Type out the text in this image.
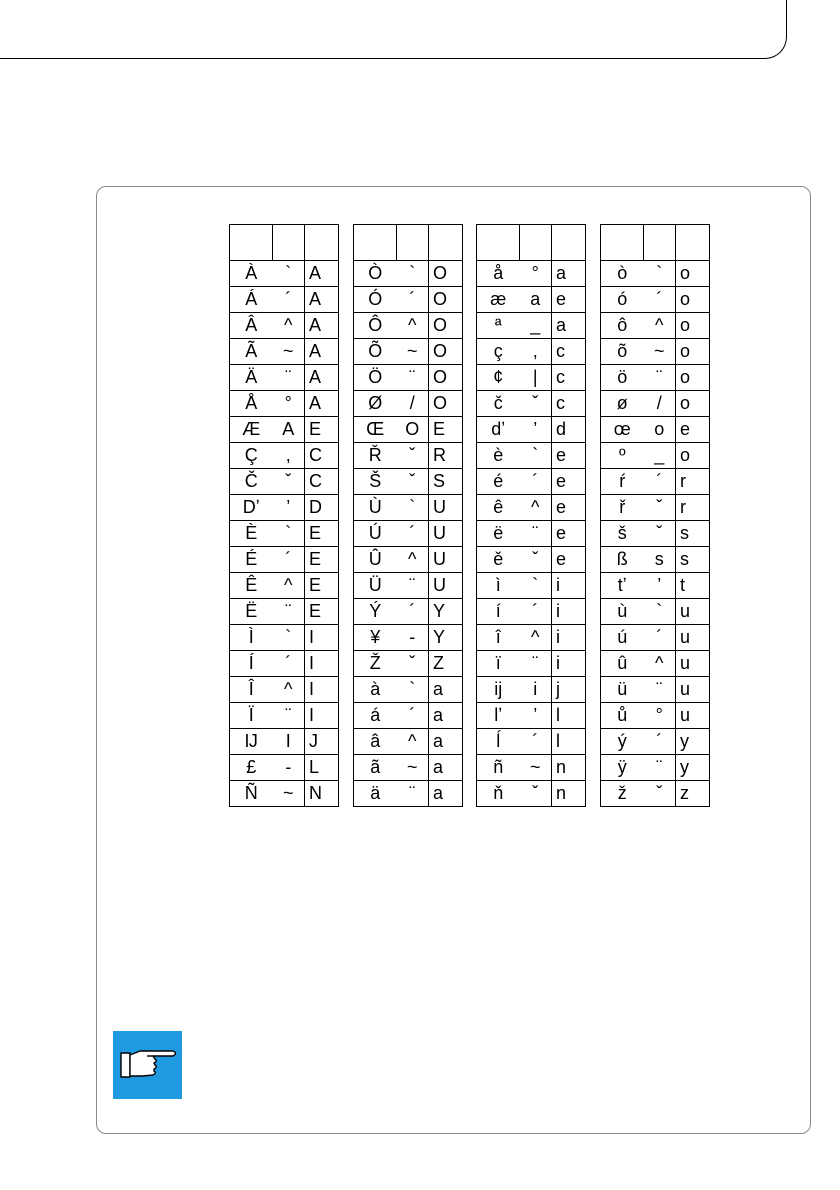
À	`	A
Á	´	A
Â	^	A
Ã	~	A
Ä	¨	A
Å	°	A
Æ	A	E
Ç	,	C
Č	ˇ	C
Dʼ	’	D
È	`	E
É	´	E
Ê	^	E
Ë	¨	E
Ì	`	I
Í	´	I
Î	^	I
Ï	¨	I
Ĳ	I	J
£	-	L
Ñ	~	N

Ò	`	O
Ó	´	O
Ô	^	O
Õ	~	O
Ö	¨	O
Ø	/	O
Œ	O	E
Ř	ˇ	R
Š	ˇ	S
Ù	`	U
Ú	´	U
Û	^	U
Ü	¨	U
Ý	´	Y
¥	-	Y
Ž	ˇ	Z
à	`	a
á	´	a
â	^	a
ã	~	a
ä	¨	a

å	°	a
æ	a	e
ª	_	a
ç	,	c
¢	|	c
č	ˇ	c
dʼ	’	d
è	`	e
é	´	e
ê	^	e
ë	¨	e
ě	ˇ	e
ì	`	i
í	´	i
î	^	i
ï	¨	i
ij	i	j
lʼ	’	l
ĺ	´	l
ñ	~	n
ň	ˇ	n

ò	`	o
ó	´	o
ô	^	o
õ	~	o
ö	¨	o
ø	/	o
œ	o	e
º	_	o
ŕ	´	r
ř	ˇ	r
š	ˇ	s
ß	s	s
tʼ	’	t
ù	`	u
ú	´	u
û	^	u
ü	¨	u
ů	°	u
ý	´	y
ÿ	¨	y
ž	ˇ	z
